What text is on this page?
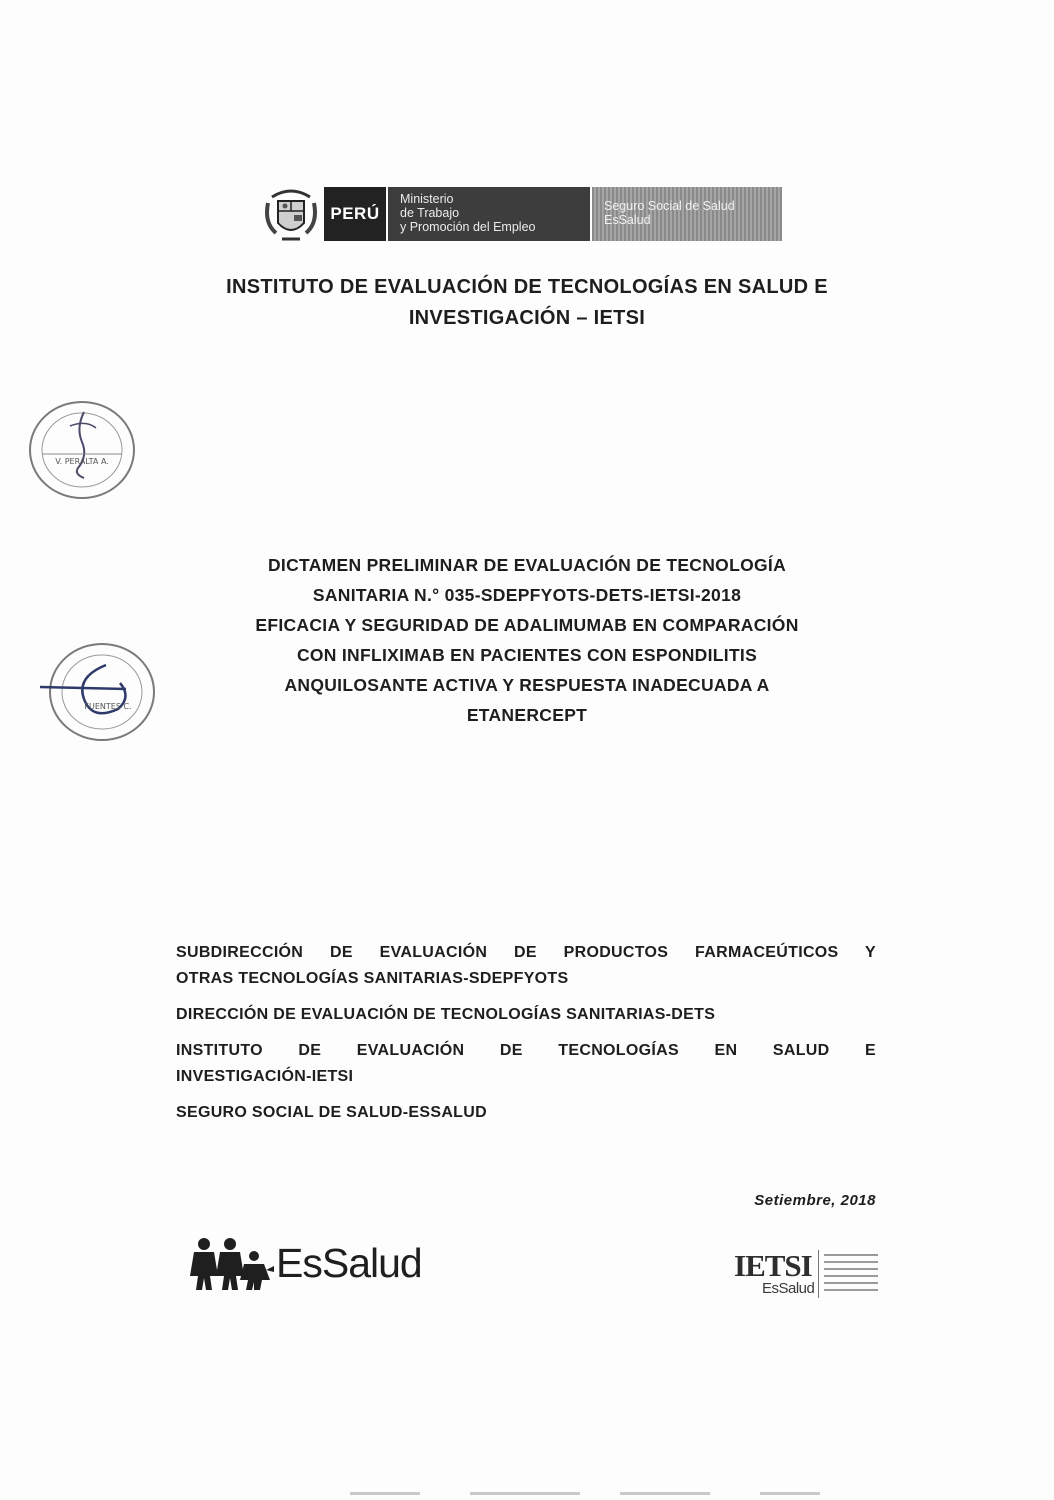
PERÚ
Ministerio
de Trabajo
y Promoción del Empleo
Seguro Social de Salud
EsSalud
INSTITUTO DE EVALUACIÓN DE TECNOLOGÍAS EN SALUD E
INVESTIGACIÓN – IETSI
V. PERALTA A.
FUENTES C.
DICTAMEN PRELIMINAR DE EVALUACIÓN DE TECNOLOGÍA
SANITARIA N.° 035-SDEPFYOTS-DETS-IETSI-2018
EFICACIA Y SEGURIDAD DE ADALIMUMAB EN COMPARACIÓN
CON INFLIXIMAB EN PACIENTES CON ESPONDILITIS
ANQUILOSANTE ACTIVA Y RESPUESTA INADECUADA A
ETANERCEPT
SUBDIRECCIÓN DE EVALUACIÓN DE PRODUCTOS FARMACEÚTICOS Y
OTRAS TECNOLOGÍAS SANITARIAS-SDEPFYOTS
DIRECCIÓN DE EVALUACIÓN DE TECNOLOGÍAS SANITARIAS-DETS
INSTITUTO DE EVALUACIÓN DE TECNOLOGÍAS EN SALUD E
INVESTIGACIÓN-IETSI
SEGURO SOCIAL DE SALUD-ESSALUD
Setiembre, 2018
EsSalud	IETSI
EsSalud
